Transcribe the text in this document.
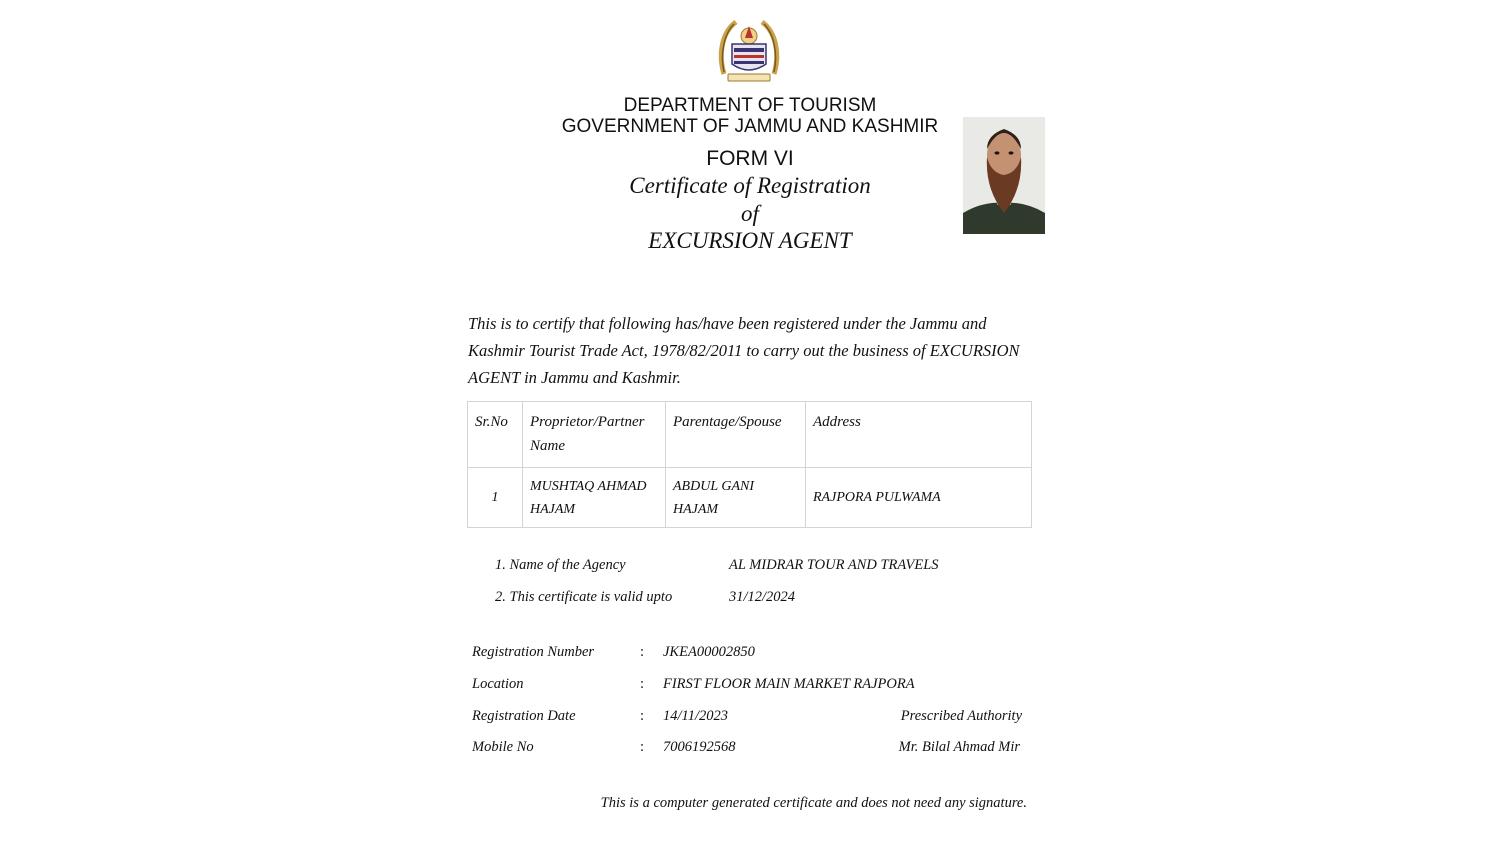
DEPARTMENT OF TOURISM
GOVERNMENT OF JAMMU AND KASHMIR
FORM VI
Certificate of Registration
of
EXCURSION AGENT
This is to certify that following has/have been registered under the Jammu and Kashmir Tourist Trade Act, 1978/82/2011 to carry out the business of EXCURSION AGENT in Jammu and Kashmir.
Sr.No	Proprietor/Partner Name	Parentage/Spouse	Address
1	MUSHTAQ AHMAD HAJAM	ABDUL GANI HAJAM	RAJPORA PULWAMA
1. Name of the Agency	AL MIDRAR TOUR AND TRAVELS
2. This certificate is valid upto	31/12/2024
Registration Number	: JKEA00002850
Location	: FIRST FLOOR MAIN MARKET RAJPORA
Registration Date	: 14/11/2023
Mobile No	: 7006192568
Prescribed Authority
Mr. Bilal Ahmad Mir
This is a computer generated certificate and does not need any signature.
